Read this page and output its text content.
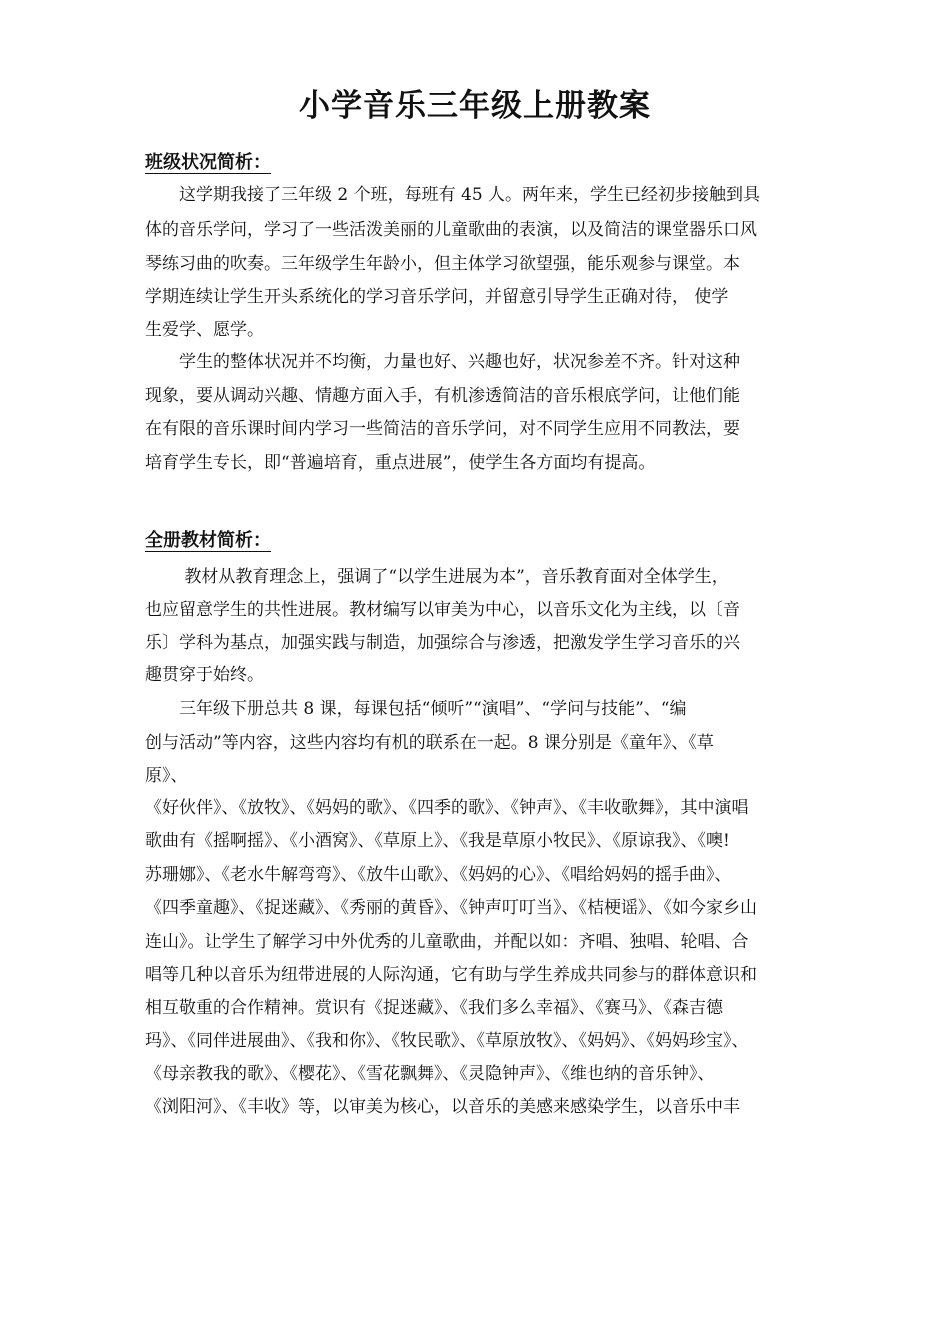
小学音乐三年级上册教案
班级状况简析：
　　这学期我接了三年级 2 个班，每班有 45 人。两年来，学生已经初步接触到具
体的音乐学问，学习了一些活泼美丽的儿童歌曲的表演，以及简洁的课堂器乐口风
琴练习曲的吹奏。三年级学生年龄小，但主体学习欲望强，能乐观参与课堂。本
学期连续让学生开头系统化的学习音乐学问，并留意引导学生正确对待， 使学
生爱学、愿学。
　　学生的整体状况并不均衡，力量也好、兴趣也好，状况参差不齐。针对这种
现象，要从调动兴趣、情趣方面入手，有机渗透简洁的音乐根底学问，让他们能
在有限的音乐课时间内学习一些简洁的音乐学问，对不同学生应用不同教法，要
培育学生专长，即“普遍培育，重点进展”，使学生各方面均有提高。
全册教材简析：
　　 教材从教育理念上，强调了“以学生进展为本”，音乐教育面对全体学生，
也应留意学生的共性进展。教材编写以审美为中心，以音乐文化为主线，以〔音
乐〕学科为基点，加强实践与制造，加强综合与渗透，把激发学生学习音乐的兴
趣贯穿于始终。
　　三年级下册总共 8 课，每课包括“倾听”“演唱”、“学问与技能”、“编
创与活动”等内容，这些内容均有机的联系在一起。8 课分别是《童年》、《草
原》、
《好伙伴》、《放牧》、《妈妈的歌》、《四季的歌》、《钟声》、《丰收歌舞》，其中演唱
歌曲有《摇啊摇》、《小酒窝》、《草原上》、《我是草原小牧民》、《原谅我》、《噢!
苏珊娜》、《老水牛解弯弯》、《放牛山歌》、《妈妈的心》、《唱给妈妈的摇手曲》、
《四季童趣》、《捉迷藏》、《秀丽的黄昏》、《钟声叮叮当》、《桔梗谣》、《如今家乡山
连山》。让学生了解学习中外优秀的儿童歌曲，并配以如：齐唱、独唱、轮唱、合
唱等几种以音乐为纽带进展的人际沟通，它有助与学生养成共同参与的群体意识和
相互敬重的合作精神。赏识有《捉迷藏》、《我们多么幸福》、《赛马》、《森吉德
玛》、《同伴进展曲》、《我和你》、《牧民歌》、《草原放牧》、《妈妈》、《妈妈珍宝》、
《母亲教我的歌》、《樱花》、《雪花飘舞》、《灵隐钟声》、《维也纳的音乐钟》、
《浏阳河》、《丰收》等，以审美为核心，以音乐的美感来感染学生，以音乐中丰
